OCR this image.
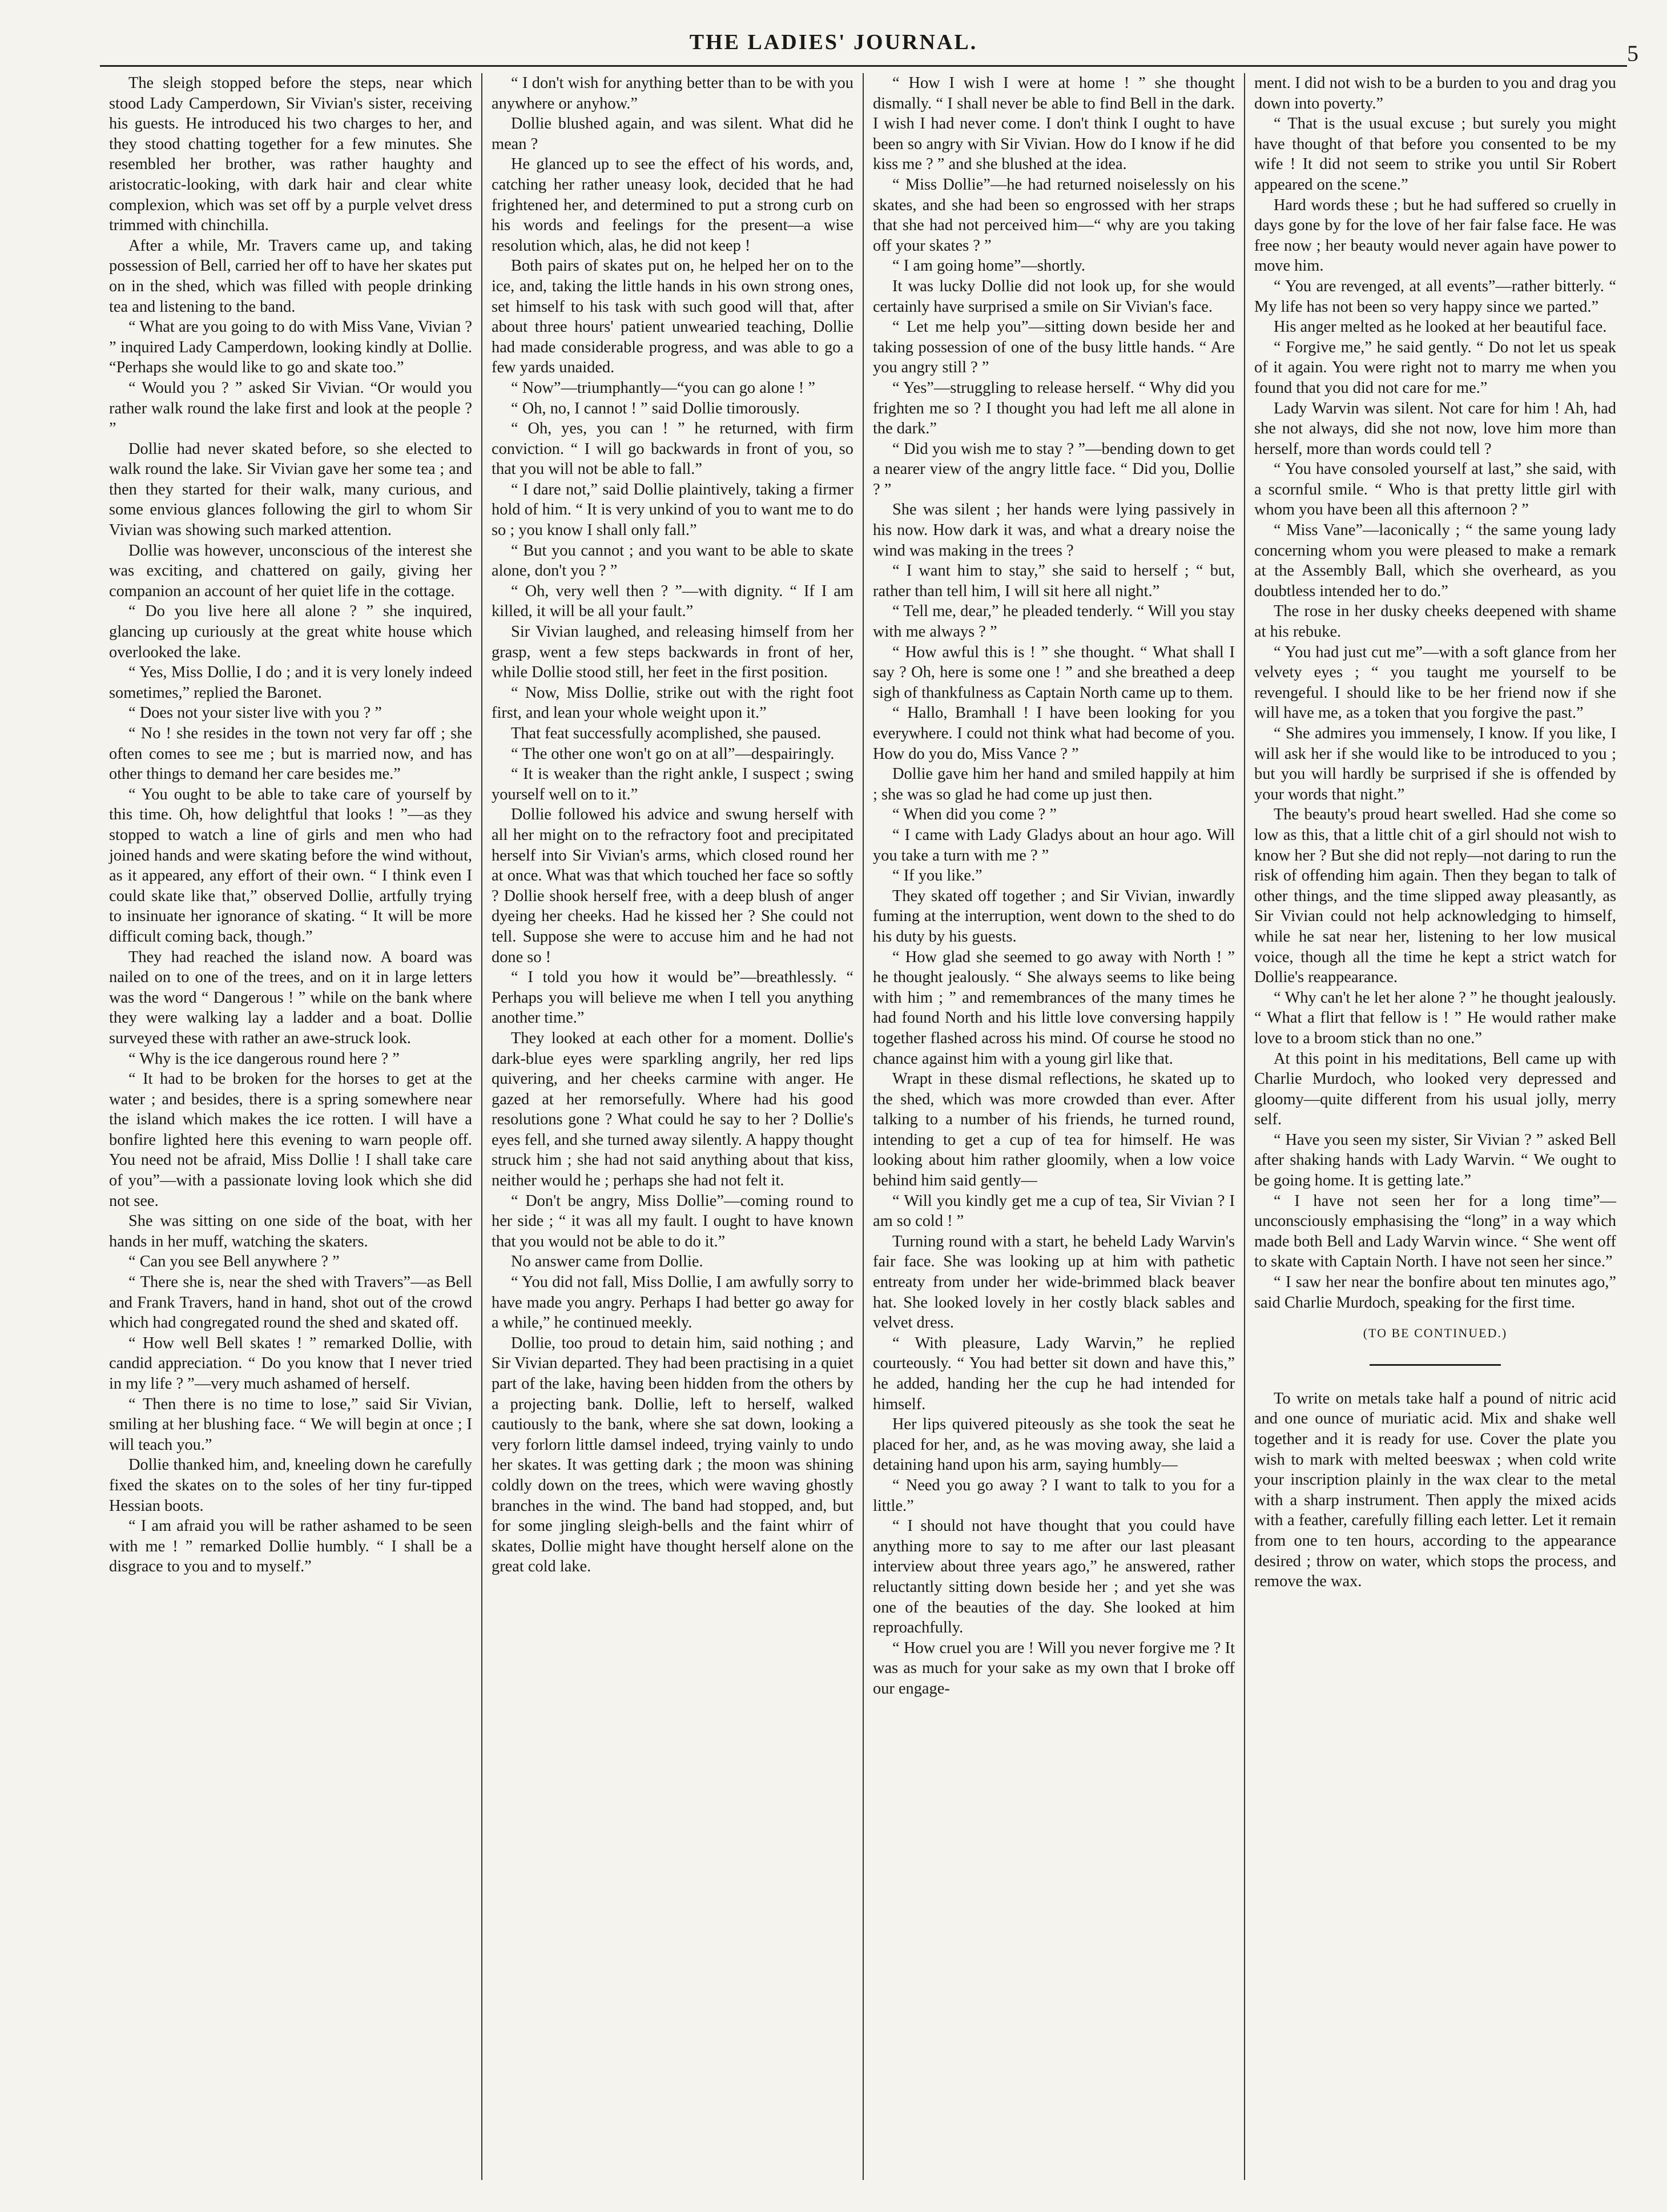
THE LADIES' JOURNAL.	5

The sleigh stopped before the steps, near which stood Lady Camperdown, Sir Vivian's sister, receiving his guests. He introduced his two charges to her, and they stood chatting together for a few minutes. She resembled her brother, was rather haughty and aristocratic-looking, with dark hair and clear white complexion, which was set off by a purple velvet dress trimmed with chinchilla.

After a while, Mr. Travers came up, and taking possession of Bell, carried her off to have her skates put on in the shed, which was filled with people drinking tea and listening to the band.

“ What are you going to do with Miss Vane, Vivian ? ” inquired Lady Camperdown, looking kindly at Dollie. “Perhaps she would like to go and skate too.”

“ Would you ? ” asked Sir Vivian. “Or would you rather walk round the lake first and look at the people ? ”

Dollie had never skated before, so she elected to walk round the lake. Sir Vivian gave her some tea ; and then they started for their walk, many curious, and some envious glances following the girl to whom Sir Vivian was showing such marked attention.

Dollie was however, unconscious of the interest she was exciting, and chattered on gaily, giving her companion an account of her quiet life in the cottage.

“ Do you live here all alone ? ” she inquired, glancing up curiously at the great white house which overlooked the lake.

“ Yes, Miss Dollie, I do ; and it is very lonely indeed sometimes,” replied the Baronet.

“ Does not your sister live with you ? ”

“ No ! she resides in the town not very far off ; she often comes to see me ; but is married now, and has other things to demand her care besides me.”

“ You ought to be able to take care of yourself by this time. Oh, how delightful that looks ! ”—as they stopped to watch a line of girls and men who had joined hands and were skating before the wind without, as it appeared, any effort of their own. “ I think even I could skate like that,” observed Dollie, artfully trying to insinuate her ignorance of skating. “ It will be more difficult coming back, though.”

They had reached the island now. A board was nailed on to one of the trees, and on it in large letters was the word “ Dangerous ! ” while on the bank where they were walking lay a ladder and a boat. Dollie surveyed these with rather an awe-struck look.

“ Why is the ice dangerous round here ? ”

“ It had to be broken for the horses to get at the water ; and besides, there is a spring somewhere near the island which makes the ice rotten. I will have a bonfire lighted here this evening to warn people off. You need not be afraid, Miss Dollie ! I shall take care of you”—with a passionate loving look which she did not see.

She was sitting on one side of the boat, with her hands in her muff, watching the skaters.

“ Can you see Bell anywhere ? ”

“ There she is, near the shed with Travers”—as Bell and Frank Travers, hand in hand, shot out of the crowd which had congregated round the shed and skated off.

“ How well Bell skates ! ” remarked Dollie, with candid appreciation. “ Do you know that I never tried in my life ? ”—very much ashamed of herself.

“ Then there is no time to lose,” said Sir Vivian, smiling at her blushing face. “ We will begin at once ; I will teach you.”

Dollie thanked him, and, kneeling down he carefully fixed the skates on to the soles of her tiny fur-tipped Hessian boots.

“ I am afraid you will be rather ashamed to be seen with me ! ” remarked Dollie humbly. “ I shall be a disgrace to you and to myself.”

“ I don't wish for anything better than to be with you anywhere or anyhow.”

Dollie blushed again, and was silent. What did he mean ?

He glanced up to see the effect of his words, and, catching her rather uneasy look, decided that he had frightened her, and determined to put a strong curb on his words and feelings for the present—a wise resolution which, alas, he did not keep !

Both pairs of skates put on, he helped her on to the ice, and, taking the little hands in his own strong ones, set himself to his task with such good will that, after about three hours' patient unwearied teaching, Dollie had made considerable progress, and was able to go a few yards unaided.

“ Now”—triumphantly—“you can go alone ! ”

“ Oh, no, I cannot ! ” said Dollie timorously.

“ Oh, yes, you can ! ” he returned, with firm conviction. “ I will go backwards in front of you, so that you will not be able to fall.”

“ I dare not,” said Dollie plaintively, taking a firmer hold of him. “ It is very unkind of you to want me to do so ; you know I shall only fall.”

“ But you cannot ; and you want to be able to skate alone, don't you ? ”

“ Oh, very well then ? ”—with dignity. “ If I am killed, it will be all your fault.”

Sir Vivian laughed, and releasing himself from her grasp, went a few steps backwards in front of her, while Dollie stood still, her feet in the first position.

“ Now, Miss Dollie, strike out with the right foot first, and lean your whole weight upon it.”

That feat successfully acomplished, she paused.

“ The other one won't go on at all”—despairingly.

“ It is weaker than the right ankle, I suspect ; swing yourself well on to it.”

Dollie followed his advice and swung herself with all her might on to the refractory foot and precipitated herself into Sir Vivian's arms, which closed round her at once. What was that which touched her face so softly ? Dollie shook herself free, with a deep blush of anger dyeing her cheeks. Had he kissed her ? She could not tell. Suppose she were to accuse him and he had not done so !

“ I told you how it would be”—breathlessly. “ Perhaps you will believe me when I tell you anything another time.”

They looked at each other for a moment. Dollie's dark-blue eyes were sparkling angrily, her red lips quivering, and her cheeks carmine with anger. He gazed at her remorsefully. Where had his good resolutions gone ? What could he say to her ? Dollie's eyes fell, and she turned away silently. A happy thought struck him ; she had not said anything about that kiss, neither would he ; perhaps she had not felt it.

“ Don't be angry, Miss Dollie”—coming round to her side ; “ it was all my fault. I ought to have known that you would not be able to do it.”

No answer came from Dollie.

“ You did not fall, Miss Dollie, I am awfully sorry to have made you angry. Perhaps I had better go away for a while,” he continued meekly.

Dollie, too proud to detain him, said nothing ; and Sir Vivian departed. They had been practising in a quiet part of the lake, having been hidden from the others by a projecting bank. Dollie, left to herself, walked cautiously to the bank, where she sat down, looking a very forlorn little damsel indeed, trying vainly to undo her skates. It was getting dark ; the moon was shining coldly down on the trees, which were waving ghostly branches in the wind. The band had stopped, and, but for some jingling sleigh-bells and the faint whirr of skates, Dollie might have thought herself alone on the great cold lake.

“ How I wish I were at home ! ” she thought dismally. “ I shall never be able to find Bell in the dark. I wish I had never come. I don't think I ought to have been so angry with Sir Vivian. How do I know if he did kiss me ? ” and she blushed at the idea.

“ Miss Dollie”—he had returned noiselessly on his skates, and she had been so engrossed with her straps that she had not perceived him—“ why are you taking off your skates ? ”

“ I am going home”—shortly.

It was lucky Dollie did not look up, for she would certainly have surprised a smile on Sir Vivian's face.

“ Let me help you”—sitting down beside her and taking possession of one of the busy little hands. “ Are you angry still ? ”

“ Yes”—struggling to release herself. “ Why did you frighten me so ? I thought you had left me all alone in the dark.”

“ Did you wish me to stay ? ”—bending down to get a nearer view of the angry little face. “ Did you, Dollie ? ”

She was silent ; her hands were lying passively in his now. How dark it was, and what a dreary noise the wind was making in the trees ?

“ I want him to stay,” she said to herself ; “ but, rather than tell him, I will sit here all night.”

“ Tell me, dear,” he pleaded tenderly. “ Will you stay with me always ? ”

“ How awful this is ! ” she thought. “ What shall I say ? Oh, here is some one ! ” and she breathed a deep sigh of thankfulness as Captain North came up to them.

“ Hallo, Bramhall ! I have been looking for you everywhere. I could not think what had become of you. How do you do, Miss Vance ? ”

Dollie gave him her hand and smiled happily at him ; she was so glad he had come up just then.

“ When did you come ? ”

“ I came with Lady Gladys about an hour ago. Will you take a turn with me ? ”

“ If you like.”

They skated off together ; and Sir Vivian, inwardly fuming at the interruption, went down to the shed to do his duty by his guests.

“ How glad she seemed to go away with North ! ” he thought jealously. “ She always seems to like being with him ; ” and remembrances of the many times he had found North and his little love conversing happily together flashed across his mind. Of course he stood no chance against him with a young girl like that.

Wrapt in these dismal reflections, he skated up to the shed, which was more crowded than ever. After talking to a number of his friends, he turned round, intending to get a cup of tea for himself. He was looking about him rather gloomily, when a low voice behind him said gently—

“ Will you kindly get me a cup of tea, Sir Vivian ? I am so cold ! ”

Turning round with a start, he beheld Lady Warvin's fair face. She was looking up at him with pathetic entreaty from under her wide-brimmed black beaver hat. She looked lovely in her costly black sables and velvet dress.

“ With pleasure, Lady Warvin,” he replied courteously. “ You had better sit down and have this,” he added, handing her the cup he had intended for himself.

Her lips quivered piteously as she took the seat he placed for her, and, as he was moving away, she laid a detaining hand upon his arm, saying humbly—

“ Need you go away ? I want to talk to you for a little.”

“ I should not have thought that you could have anything more to say to me after our last pleasant interview about three years ago,” he answered, rather reluctantly sitting down beside her ; and yet she was one of the beauties of the day. She looked at him reproachfully.

“ How cruel you are ! Will you never forgive me ? It was as much for your sake as my own that I broke off our engage-

ment. I did not wish to be a burden to you and drag you down into poverty.”

“ That is the usual excuse ; but surely you might have thought of that before you consented to be my wife ! It did not seem to strike you until Sir Robert appeared on the scene.”

Hard words these ; but he had suffered so cruelly in days gone by for the love of her fair false face. He was free now ; her beauty would never again have power to move him.

“ You are revenged, at all events”—rather bitterly. “ My life has not been so very happy since we parted.”

His anger melted as he looked at her beautiful face.

“ Forgive me,” he said gently. “ Do not let us speak of it again. You were right not to marry me when you found that you did not care for me.”

Lady Warvin was silent. Not care for him ! Ah, had she not always, did she not now, love him more than herself, more than words could tell ?

“ You have consoled yourself at last,” she said, with a scornful smile. “ Who is that pretty little girl with whom you have been all this afternoon ? ”

“ Miss Vane”—laconically ; “ the same young lady concerning whom you were pleased to make a remark at the Assembly Ball, which she overheard, as you doubtless intended her to do.”

The rose in her dusky cheeks deepened with shame at his rebuke.

“ You had just cut me”—with a soft glance from her velvety eyes ; “ you taught me yourself to be revengeful. I should like to be her friend now if she will have me, as a token that you forgive the past.”

“ She admires you immensely, I know. If you like, I will ask her if she would like to be introduced to you ; but you will hardly be surprised if she is offended by your words that night.”

The beauty's proud heart swelled. Had she come so low as this, that a little chit of a girl should not wish to know her ? But she did not reply—not daring to run the risk of offending him again. Then they began to talk of other things, and the time slipped away pleasantly, as Sir Vivian could not help acknowledging to himself, while he sat near her, listening to her low musical voice, though all the time he kept a strict watch for Dollie's reappearance.

“ Why can't he let her alone ? ” he thought jealously. “ What a flirt that fellow is ! ” He would rather make love to a broom stick than no one.”

At this point in his meditations, Bell came up with Charlie Murdoch, who looked very depressed and gloomy—quite different from his usual jolly, merry self.

“ Have you seen my sister, Sir Vivian ? ” asked Bell after shaking hands with Lady Warvin. “ We ought to be going home. It is getting late.”

“ I have not seen her for a long time”—unconsciously emphasising the “long” in a way which made both Bell and Lady Warvin wince. “ She went off to skate with Captain North. I have not seen her since.”

“ I saw her near the bonfire about ten minutes ago,” said Charlie Murdoch, speaking for the first time.

(TO BE CONTINUED.)

To write on metals take half a pound of nitric acid and one ounce of muriatic acid. Mix and shake well together and it is ready for use. Cover the plate you wish to mark with melted beeswax ; when cold write your inscription plainly in the wax clear to the metal with a sharp instrument. Then apply the mixed acids with a feather, carefully filling each letter. Let it remain from one to ten hours, according to the appearance desired ; throw on water, which stops the process, and remove the wax.
